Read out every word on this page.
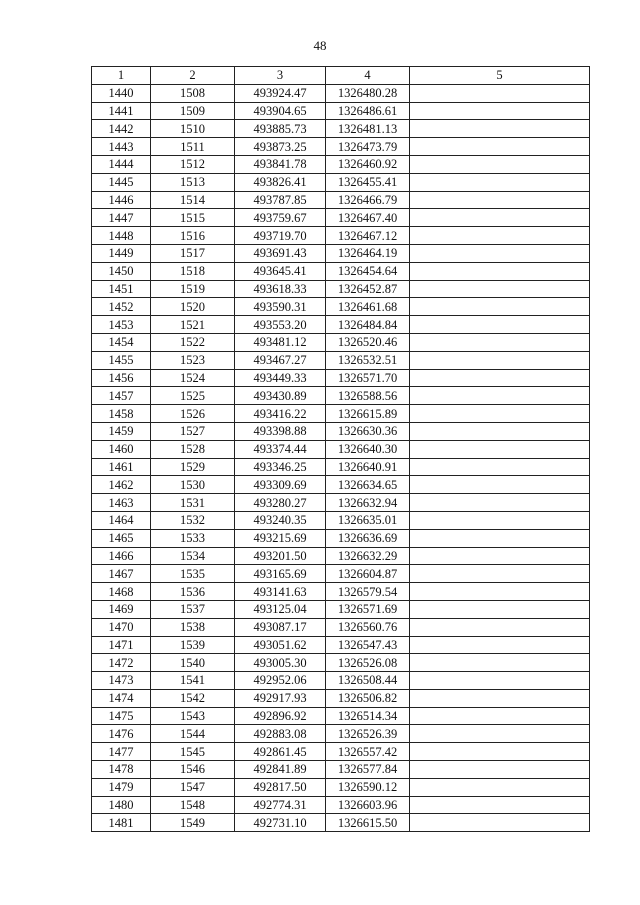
48
1	2	3	4	5
1440	1508	493924.47	1326480.28	
1441	1509	493904.65	1326486.61	
1442	1510	493885.73	1326481.13	
1443	1511	493873.25	1326473.79	
1444	1512	493841.78	1326460.92	
1445	1513	493826.41	1326455.41	
1446	1514	493787.85	1326466.79	
1447	1515	493759.67	1326467.40	
1448	1516	493719.70	1326467.12	
1449	1517	493691.43	1326464.19	
1450	1518	493645.41	1326454.64	
1451	1519	493618.33	1326452.87	
1452	1520	493590.31	1326461.68	
1453	1521	493553.20	1326484.84	
1454	1522	493481.12	1326520.46	
1455	1523	493467.27	1326532.51	
1456	1524	493449.33	1326571.70	
1457	1525	493430.89	1326588.56	
1458	1526	493416.22	1326615.89	
1459	1527	493398.88	1326630.36	
1460	1528	493374.44	1326640.30	
1461	1529	493346.25	1326640.91	
1462	1530	493309.69	1326634.65	
1463	1531	493280.27	1326632.94	
1464	1532	493240.35	1326635.01	
1465	1533	493215.69	1326636.69	
1466	1534	493201.50	1326632.29	
1467	1535	493165.69	1326604.87	
1468	1536	493141.63	1326579.54	
1469	1537	493125.04	1326571.69	
1470	1538	493087.17	1326560.76	
1471	1539	493051.62	1326547.43	
1472	1540	493005.30	1326526.08	
1473	1541	492952.06	1326508.44	
1474	1542	492917.93	1326506.82	
1475	1543	492896.92	1326514.34	
1476	1544	492883.08	1326526.39	
1477	1545	492861.45	1326557.42	
1478	1546	492841.89	1326577.84	
1479	1547	492817.50	1326590.12	
1480	1548	492774.31	1326603.96	
1481	1549	492731.10	1326615.50	
